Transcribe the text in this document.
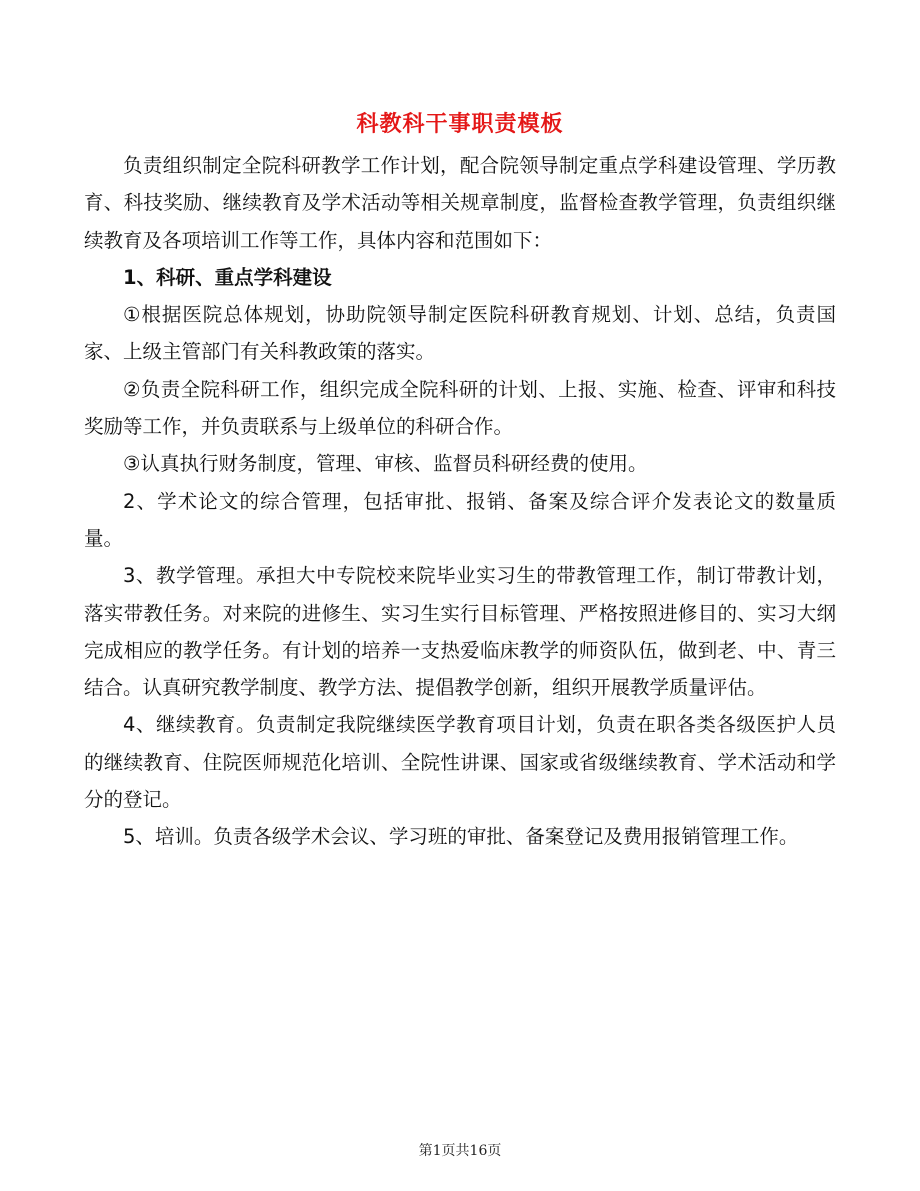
科教科干事职责模板

负责组织制定全院科研教学工作计划，配合院领导制定重点学科建设管理、学历教育、科技奖励、继续教育及学术活动等相关规章制度，监督检查教学管理，负责组织继续教育及各项培训工作等工作，具体内容和范围如下：

1、科研、重点学科建设

①根据医院总体规划，协助院领导制定医院科研教育规划、计划、总结，负责国家、上级主管部门有关科教政策的落实。

②负责全院科研工作，组织完成全院科研的计划、上报、实施、检查、评审和科技奖励等工作，并负责联系与上级单位的科研合作。

③认真执行财务制度，管理、审核、监督员科研经费的使用。

2、学术论文的综合管理，包括审批、报销、备案及综合评介发表论文的数量质量。

3、教学管理。承担大中专院校来院毕业实习生的带教管理工作，制订带教计划，落实带教任务。对来院的进修生、实习生实行目标管理、严格按照进修目的、实习大纲完成相应的教学任务。有计划的培养一支热爱临床教学的师资队伍，做到老、中、青三结合。认真研究教学制度、教学方法、提倡教学创新，组织开展教学质量评估。

4、继续教育。负责制定我院继续医学教育项目计划，负责在职各类各级医护人员的继续教育、住院医师规范化培训、全院性讲课、国家或省级继续教育、学术活动和学分的登记。

5、培训。负责各级学术会议、学习班的审批、备案登记及费用报销管理工作。

第1页共16页
